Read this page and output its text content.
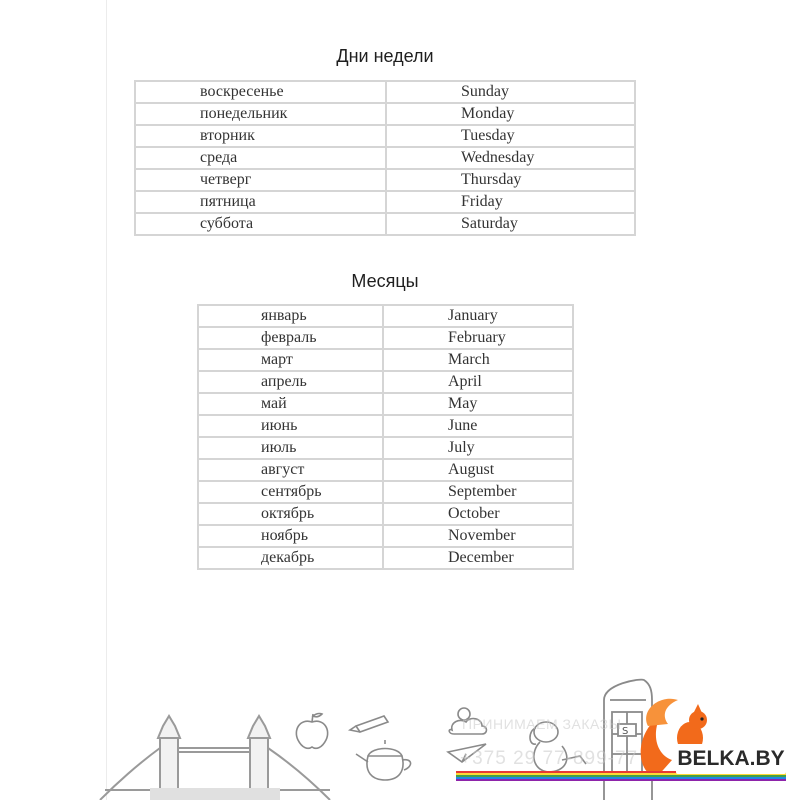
Дни недели
воскресенье	Sunday
понедельник	Monday
вторник	Tuesday
среда	Wednesday
четверг	Thursday
пятница	Friday
суббота	Saturday
Месяцы
январь	January
февраль	February
март	March
апрель	April
май	May
июнь	June
июль	July
август	August
сентябрь	September
октябрь	October
ноябрь	November
декабрь	December
S
ПРИНИМАЕМ ЗАКАЗЫ
+375 29 77-899-77 BELKA.BY
